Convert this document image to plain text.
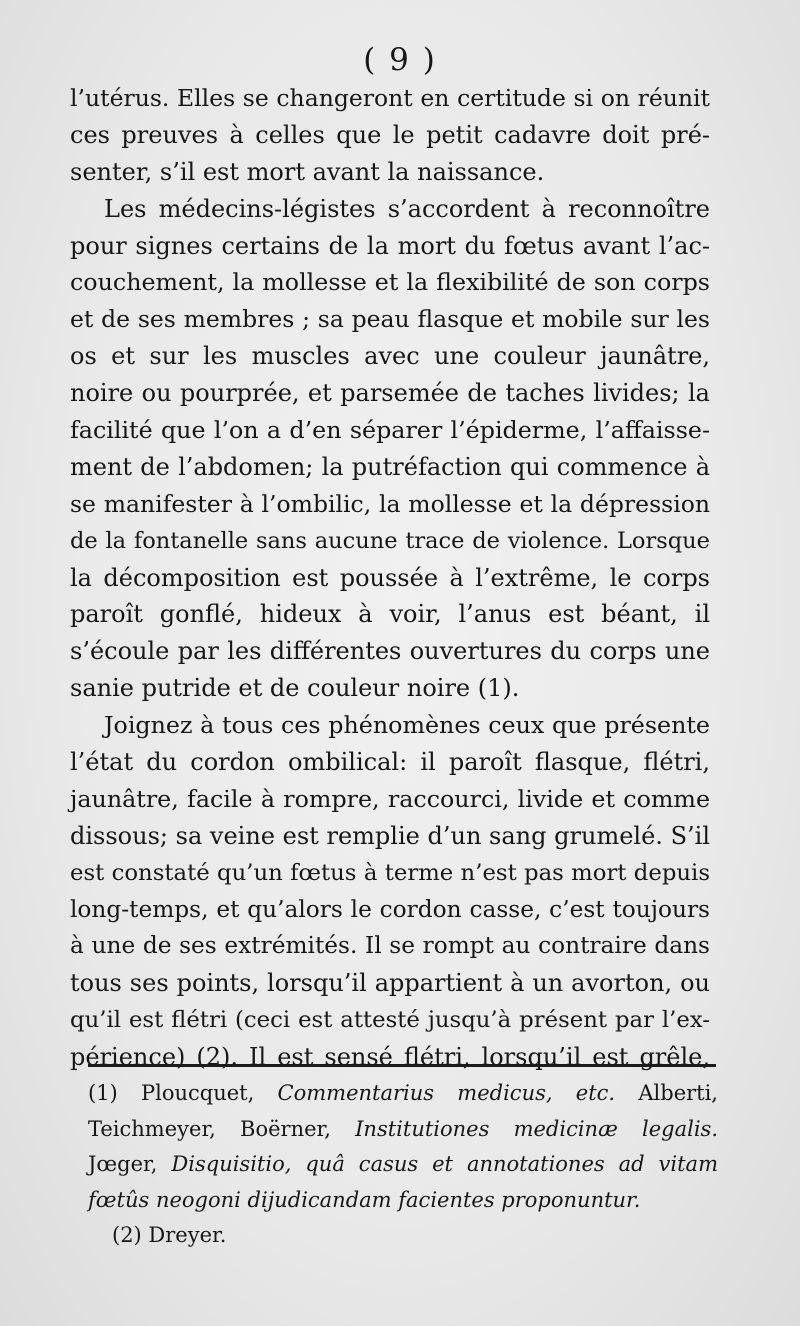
( 9 )

l’utérus. Elles se changeront en certitude si on réunit
ces preuves à celles que le petit cadavre doit pré-
senter, s’il est mort avant la naissance.

Les médecins-légistes s’accordent à reconnoître
pour signes certains de la mort du fœtus avant l’ac-
couchement, la mollesse et la flexibilité de son corps
et de ses membres ; sa peau flasque et mobile sur les
os et sur les muscles avec une couleur jaunâtre,
noire ou pourprée, et parsemée de taches livides; la
facilité que l’on a d’en séparer l’épiderme, l’affaisse-
ment de l’abdomen; la putréfaction qui commence à
se manifester à l’ombilic, la mollesse et la dépression
de la fontanelle sans aucune trace de violence. Lorsque
la décomposition est poussée à l’extrême, le corps
paroît gonflé, hideux à voir, l’anus est béant, il
s’écoule par les différentes ouvertures du corps une
sanie putride et de couleur noire (1).

Joignez à tous ces phénomènes ceux que présente
l’état du cordon ombilical: il paroît flasque, flétri,
jaunâtre, facile à rompre, raccourci, livide et comme
dissous; sa veine est remplie d’un sang grumelé. S’il
est constaté qu’un fœtus à terme n’est pas mort depuis
long-temps, et qu’alors le cordon casse, c’est toujours
à une de ses extrémités. Il se rompt au contraire dans
tous ses points, lorsqu’il appartient à un avorton, ou
qu’il est flétri (ceci est attesté jusqu’à présent par l’ex-
périence) (2). Il est sensé flétri, lorsqu’il est grêle,

(1) Ploucquet, Commentarius medicus, etc. Alberti,
Teichmeyer, Boërner, Institutiones medicinæ legalis.
Jœger, Disquisitio, quâ casus et annotationes ad vitam
fœtûs neogoni dijudicandam facientes proponuntur.
(2) Dreyer.
